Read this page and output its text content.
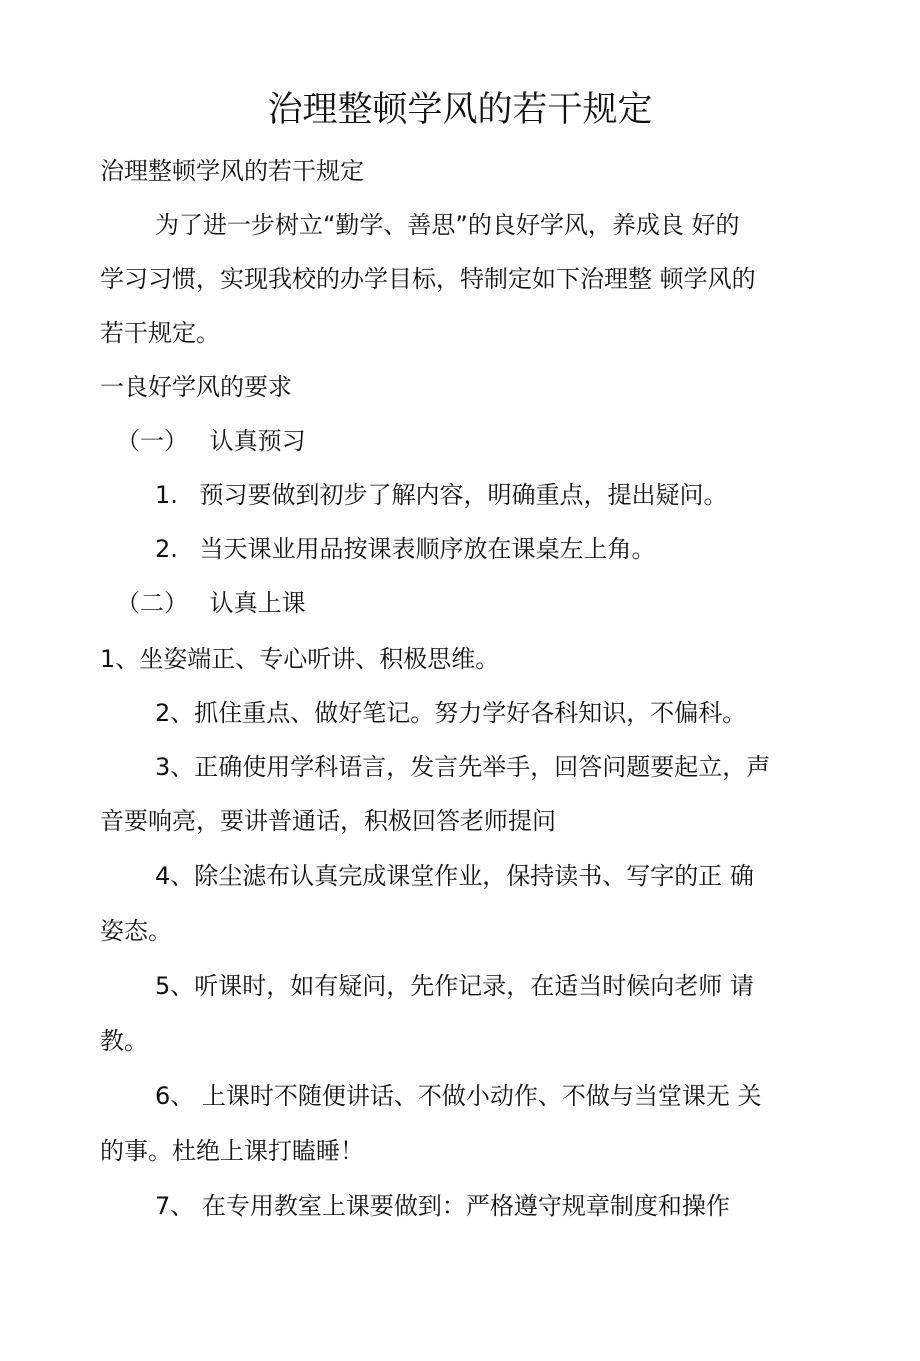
治理整顿学风的若干规定
治理整顿学风的若干规定
为了进一步树立“勤学、善思”的良好学风，养成良 好的
学习习惯，实现我校的办学目标，特制定如下治理整 顿学风的
若干规定。
一良好学风的要求
（一） 认真预习
1. 预习要做到初步了解内容，明确重点，提出疑问。
2. 当天课业用品按课表顺序放在课桌左上角。
（二） 认真上课
1、坐姿端正、专心听讲、积极思维。
2、抓住重点、做好笔记。努力学好各科知识，不偏科。
3、正确使用学科语言，发言先举手，回答问题要起立，声
音要响亮，要讲普通话，积极回答老师提问
4、除尘滤布认真完成课堂作业，保持读书、写字的正 确
姿态。
5、听课时，如有疑问，先作记录，在适当时候向老师 请
教。
6、 上课时不随便讲话、不做小动作、不做与当堂课无 关
的事。杜绝上课打瞌睡！
7、 在专用教室上课要做到：严格遵守规章制度和操作
